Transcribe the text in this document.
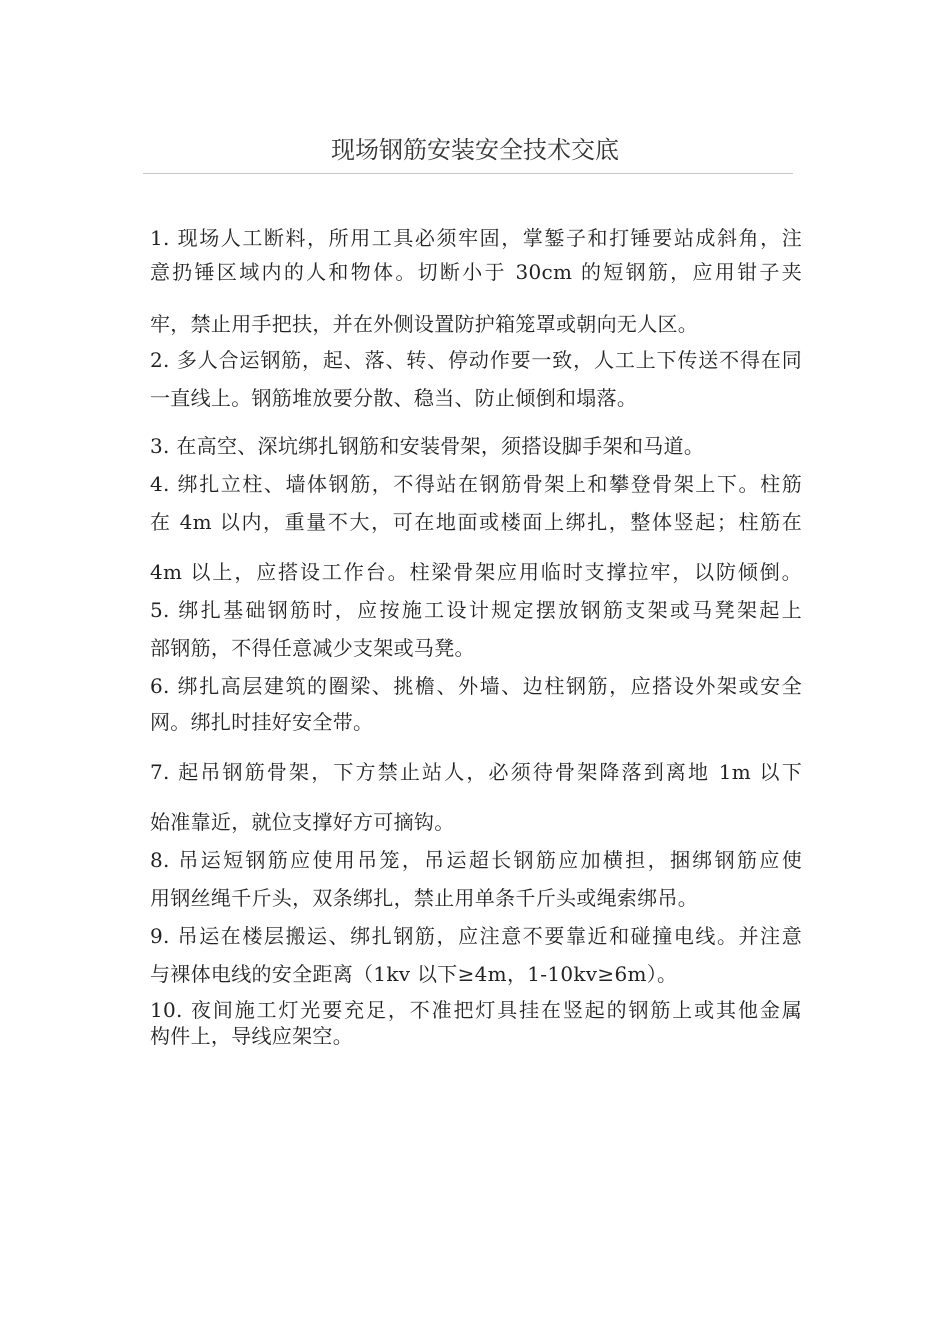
现场钢筋安装安全技术交底
1. 现场人工断料，所用工具必须牢固，掌錾子和打锤要站成斜角，注
意扔锤区域内的人和物体。切断小于 30cm 的短钢筋，应用钳子夹
牢，禁止用手把扶，并在外侧设置防护箱笼罩或朝向无人区。
2. 多人合运钢筋，起、落、转、停动作要一致，人工上下传送不得在同
一直线上。钢筋堆放要分散、稳当、防止倾倒和塌落。
3. 在高空、深坑绑扎钢筋和安装骨架，须搭设脚手架和马道。
4. 绑扎立柱、墙体钢筋，不得站在钢筋骨架上和攀登骨架上下。柱筋
在 4m 以内，重量不大，可在地面或楼面上绑扎，整体竖起；柱筋在
4m 以上，应搭设工作台。柱梁骨架应用临时支撑拉牢，以防倾倒。
5. 绑扎基础钢筋时，应按施工设计规定摆放钢筋支架或马凳架起上
部钢筋，不得任意减少支架或马凳。
6. 绑扎高层建筑的圈梁、挑檐、外墙、边柱钢筋，应搭设外架或安全
网。绑扎时挂好安全带。
7. 起吊钢筋骨架，下方禁止站人，必须待骨架降落到离地 1m 以下
始准靠近，就位支撑好方可摘钩。
8. 吊运短钢筋应使用吊笼，吊运超长钢筋应加横担，捆绑钢筋应使
用钢丝绳千斤头，双条绑扎，禁止用单条千斤头或绳索绑吊。
9. 吊运在楼层搬运、绑扎钢筋，应注意不要靠近和碰撞电线。并注意
与裸体电线的安全距离（1kv 以下≥4m，1-10kv≥6m）。
10. 夜间施工灯光要充足，不准把灯具挂在竖起的钢筋上或其他金属
构件上，导线应架空。
